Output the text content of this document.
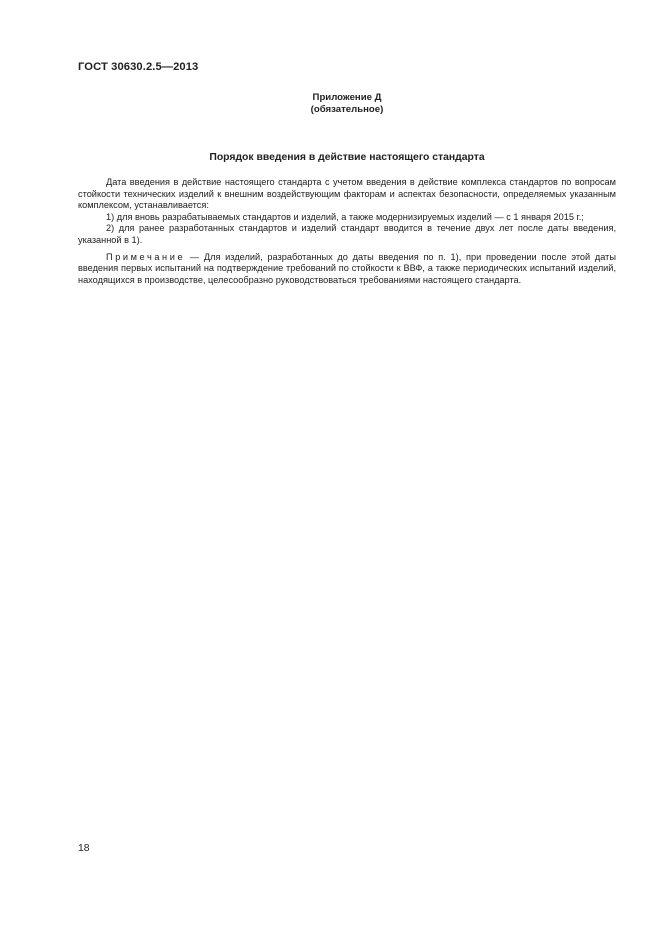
ГОСТ 30630.2.5—2013
Приложение Д
(обязательное)
Порядок введения в действие настоящего стандарта

Дата введения в действие настоящего стандарта с учетом введения в действие комплекса стандартов по вопросам стойкости технических изделий к внешним воздействующим факторам и аспектах безопасности, определяемых указанным комплексом, устанавливается:

1) для вновь разрабатываемых стандартов и изделий, а также модернизируемых изделий — с 1 января 2015 г.;

2) для ранее разработанных стандартов и изделий стандарт вводится в течение двух лет после даты введения, указанной в 1).

Примечание — Для изделий, разработанных до даты введения по п. 1), при проведении после этой даты введения первых испытаний на подтверждение требований по стойкости к ВВФ, а также периодических испытаний изделий, находящихся в производстве, целесообразно руководствоваться требованиями настоящего стандарта.

18
